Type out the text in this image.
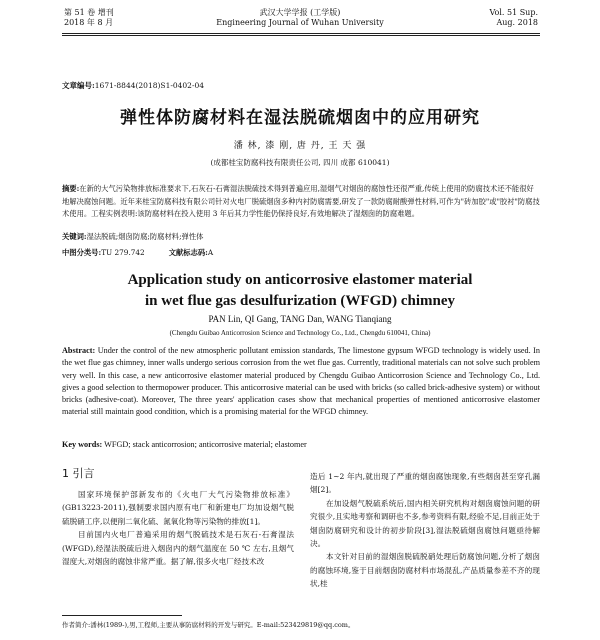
第 51 卷 增刊
2018 年 8 月
武汉大学学报 (工学版)
Engineering Journal of Wuhan University
Vol. 51 Sup.
Aug. 2018
文章编号:1671-8844(2018)S1-0402-04
弹性体防腐材料在湿法脱硫烟囱中的应用研究
潘 林, 漆 刚, 唐 丹, 王 天 强
(成都桂宝防腐科技有限责任公司, 四川 成都 610041)
摘要:在新的大气污染物排放标准要求下,石灰石-石膏湿法脱硫技术得到普遍应用,湿烟气对烟囱的腐蚀性还很严重,传统上使用的防腐技术还不能很好地解决腐蚀问题。近年来桂宝防腐科技有限公司针对火电厂脱硫烟囱多种内衬防腐需要,研发了一款防腐耐酸弹性材料,可作为"砖加胶"或"胶衬"防腐技术使用。工程实例表明:该防腐材料在投入使用 3 年后其力学性能仍保持良好,有效地解决了湿烟囱的防腐难题。
关键词:湿法脱硫;烟囱防腐;防腐材料;弹性体
中图分类号:TU 279.742	文献标志码:A
Application study on anticorrosive elastomer material
in wet flue gas desulfurization (WFGD) chimney
PAN Lin, QI Gang, TANG Dan, WANG Tianqiang
(Chengdu Guibao Anticorrosion Science and Technology Co., Ltd., Chengdu 610041, China)
Abstract: Under the control of the new atmospheric pollutant emission standards, The limestone gypsum WFGD technology is widely used. In the wet flue gas chimney, inner walls undergo serious corrosion from the wet flue gas. Currently, traditional materials can not solve such problem very well. In this case, a new anticorrosive elastomer material produced by Chengdu Guibao Anticorrosion Science and Technology Co., Ltd. gives a good selection to thermopower producer. This anticorrosive material can be used with bricks (so called brick-adhesive system) or without bricks (adhesive-coat). Moreover, The three years' application cases show that mechanical properties of mentioned anticorrosive elastomer material still maintain good condition, which is a promising material for the WFGD chimney.
Key words: WFGD; stack anticorrosion; anticorrosive material; elastomer
1 引言

国家环境保护部新发布的《火电厂大气污染物排放标准》(GB13223-2011),强制要求国内原有电厂和新建电厂均加设烟气脱硫脱硝工序,以便削二氧化硫、氮氧化物等污染物的排放[1]。

目前国内火电厂普遍采用的烟气脱硫技术是石灰石-石膏湿法(WFGD),经湿法脱硫后进入烟囱内的烟气温度在 50 ℃ 左右,且烟气湿度大,对烟囱的腐蚀非常严重。据了解,很多火电厂经技术改

造后 1~2 年内,就出现了严重的烟囱腐蚀现象,有些烟囱甚至穿孔漏烟[2]。

在加设烟气脱硫系统后,国内相关研究机构对烟囱腐蚀问题的研究很少,且实地考察和调研也不多,参考资料有限,经验不足,目前正处于烟囱防腐研究和设计的初步阶段[3],湿法脱硫烟囱腐蚀问题亟待解决。

本文针对目前的湿烟囱脱硫脱硝处理后防腐蚀问题,分析了烟囱的腐蚀环境,鉴于目前烟囱防腐材料市场混乱,产品质量参差不齐的现状,桂

作者简介:潘林(1989-),男,工程师,主要从事防腐材料的开发与研究。E-mail:523429819@qq.com。
